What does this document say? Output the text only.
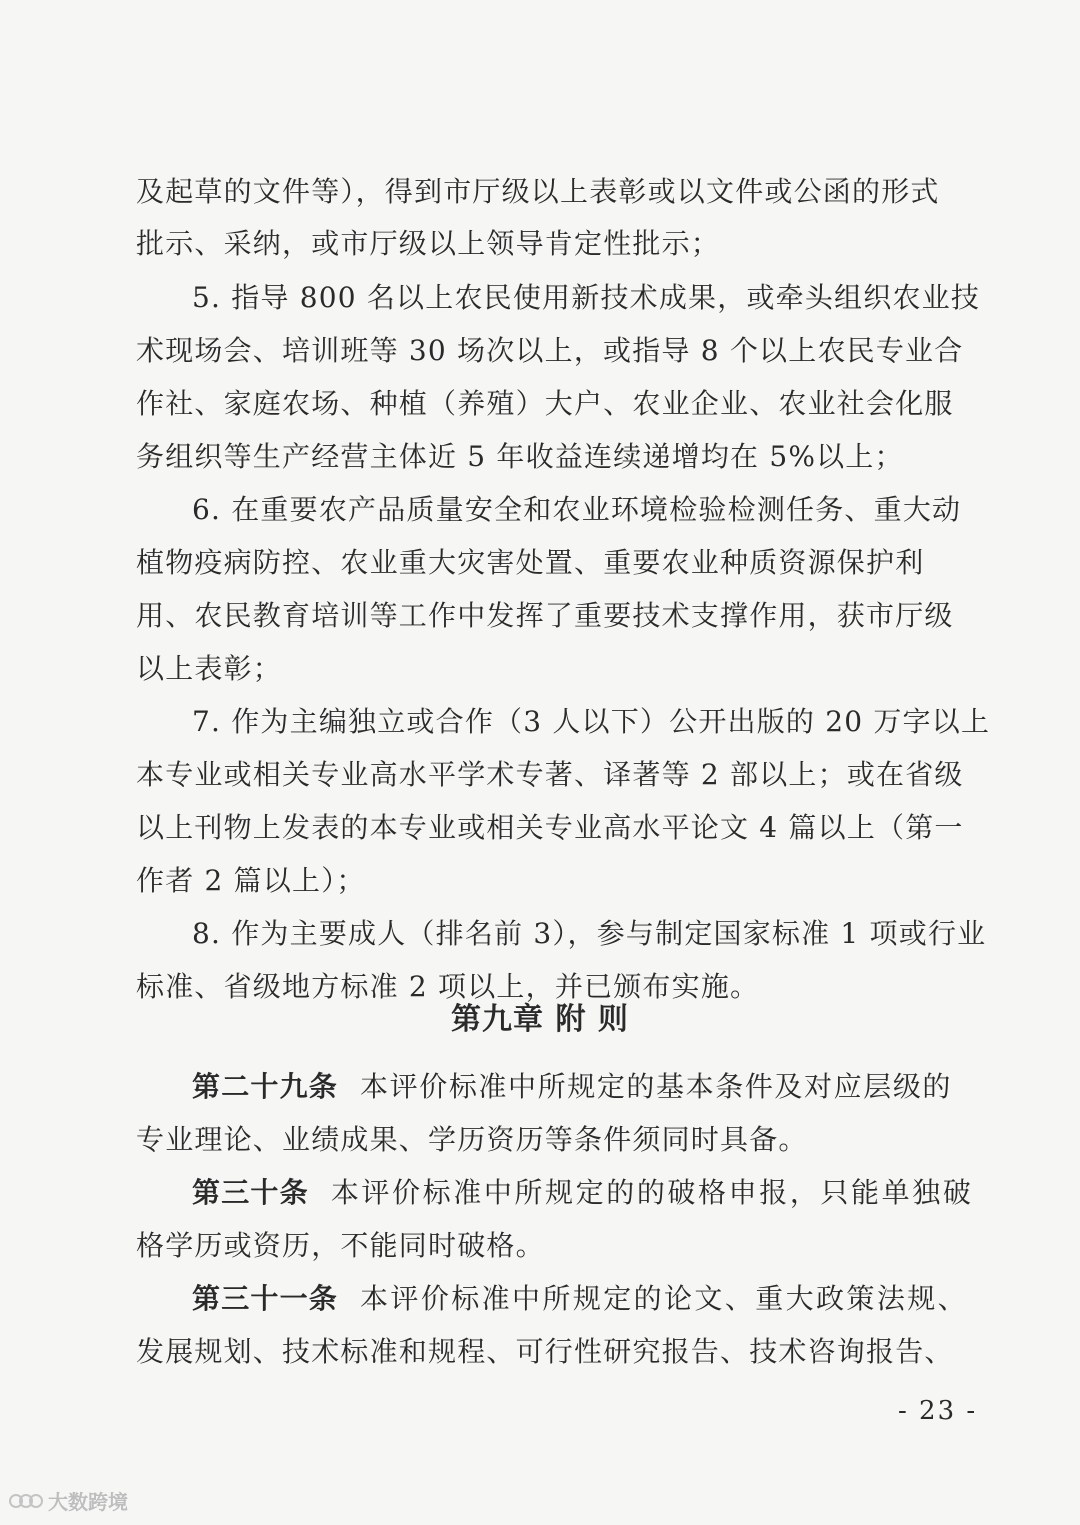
及起草的文件等），得到市厅级以上表彰或以文件或公函的形式
批示、采纳，或市厅级以上领导肯定性批示；
5. 指导 800 名以上农民使用新技术成果，或牵头组织农业技
术现场会、培训班等 30 场次以上，或指导 8 个以上农民专业合
作社、家庭农场、种植（养殖）大户、农业企业、农业社会化服
务组织等生产经营主体近 5 年收益连续递增均在 5%以上；
6. 在重要农产品质量安全和农业环境检验检测任务、重大动
植物疫病防控、农业重大灾害处置、重要农业种质资源保护利
用、农民教育培训等工作中发挥了重要技术支撑作用，获市厅级
以上表彰；
7. 作为主编独立或合作（3 人以下）公开出版的 20 万字以上
本专业或相关专业高水平学术专著、译著等 2 部以上；或在省级
以上刊物上发表的本专业或相关专业高水平论文 4 篇以上（第一
作者 2 篇以上）；
8. 作为主要成人（排名前 3），参与制定国家标准 1 项或行业
标准、省级地方标准 2 项以上，并已颁布实施。
第九章 附 则
第二十九条 本评价标准中所规定的基本条件及对应层级的
专业理论、业绩成果、学历资历等条件须同时具备。
第三十条 本评价标准中所规定的的破格申报，只能单独破
格学历或资历，不能同时破格。
第三十一条 本评价标准中所规定的论文、重大政策法规、
发展规划、技术标准和规程、可行性研究报告、技术咨询报告、
- 23 -
大数跨境
